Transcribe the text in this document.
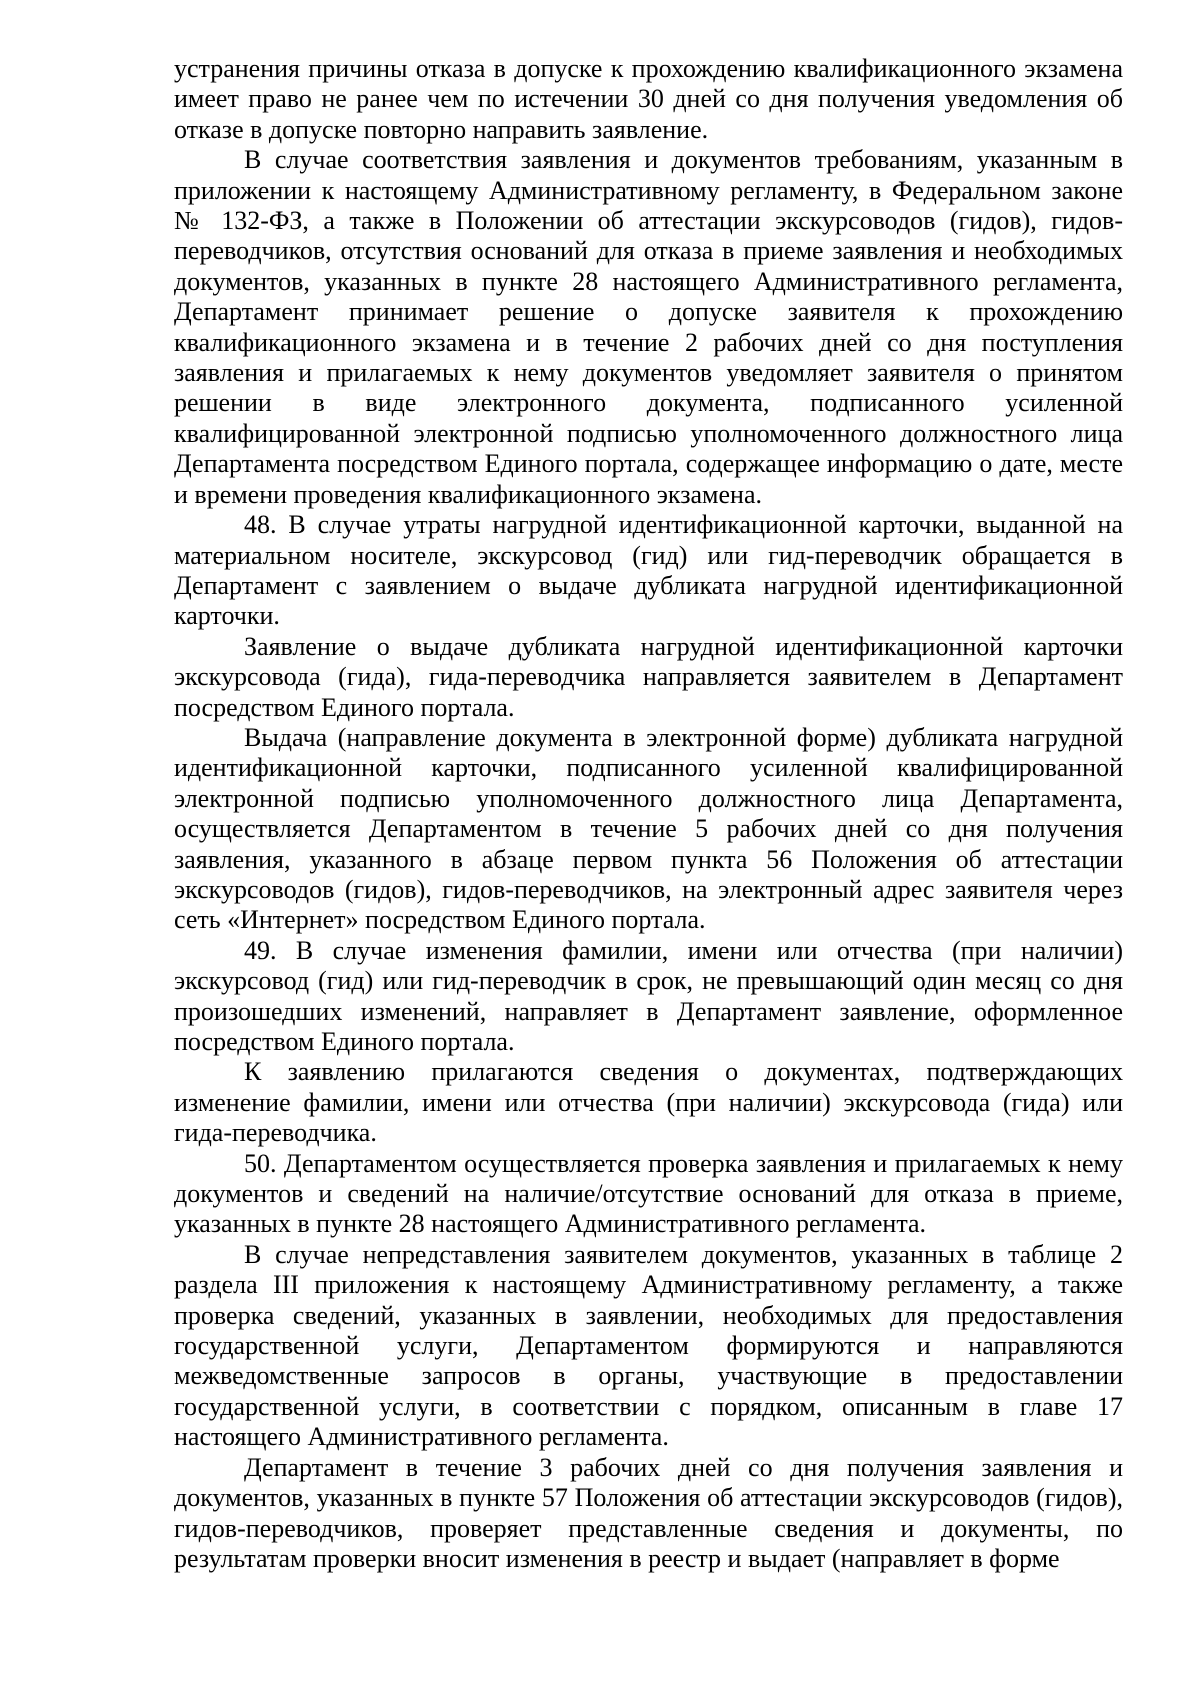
устранения причины отказа в допуске к прохождению квалификационного экзамена имеет право не ранее чем по истечении 30 дней со дня получения уведомления об отказе в допуске повторно направить заявление.

В случае соответствия заявления и документов требованиям, указанным в приложении к настоящему Административному регламенту, в Федеральном законе № 132-ФЗ, а также в Положении об аттестации экскурсоводов (гидов), гидов-переводчиков, отсутствия оснований для отказа в приеме заявления и необходимых документов, указанных в пункте 28 настоящего Административного регламента, Департамент принимает решение о допуске заявителя к прохождению квалификационного экзамена и в течение 2 рабочих дней со дня поступления заявления и прилагаемых к нему документов уведомляет заявителя о принятом решении в виде электронного документа, подписанного усиленной квалифицированной электронной подписью уполномоченного должностного лица Департамента посредством Единого портала, содержащее информацию о дате, месте и времени проведения квалификационного экзамена.

48. В случае утраты нагрудной идентификационной карточки, выданной на материальном носителе, экскурсовод (гид) или гид-переводчик обращается в Департамент с заявлением о выдаче дубликата нагрудной идентификационной карточки.

Заявление о выдаче дубликата нагрудной идентификационной карточки экскурсовода (гида), гида-переводчика направляется заявителем в Департамент посредством Единого портала.

Выдача (направление документа в электронной форме) дубликата нагрудной идентификационной карточки, подписанного усиленной квалифицированной электронной подписью уполномоченного должностного лица Департамента, осуществляется Департаментом в течение 5 рабочих дней со дня получения заявления, указанного в абзаце первом пункта 56 Положения об аттестации экскурсоводов (гидов), гидов-переводчиков, на электронный адрес заявителя через сеть «Интернет» посредством Единого портала.

49. В случае изменения фамилии, имени или отчества (при наличии) экскурсовод (гид) или гид-переводчик в срок, не превышающий один месяц со дня произошедших изменений, направляет в Департамент заявление, оформленное посредством Единого портала.

К заявлению прилагаются сведения о документах, подтверждающих изменение фамилии, имени или отчества (при наличии) экскурсовода (гида) или гида-переводчика.

50. Департаментом осуществляется проверка заявления и прилагаемых к нему документов и сведений на наличие/отсутствие оснований для отказа в приеме, указанных в пункте 28 настоящего Административного регламента.

В случае непредставления заявителем документов, указанных в таблице 2 раздела III приложения к настоящему Административному регламенту, а также проверка сведений, указанных в заявлении, необходимых для предоставления государственной услуги, Департаментом формируются и направляются межведомственные запросов в органы, участвующие в предоставлении государственной услуги, в соответствии с порядком, описанным в главе 17 настоящего Административного регламента.

Департамент в течение 3 рабочих дней со дня получения заявления и документов, указанных в пункте 57 Положения об аттестации экскурсоводов (гидов), гидов-переводчиков, проверяет представленные сведения и документы, по результатам проверки вносит изменения в реестр и выдает (направляет в форме
